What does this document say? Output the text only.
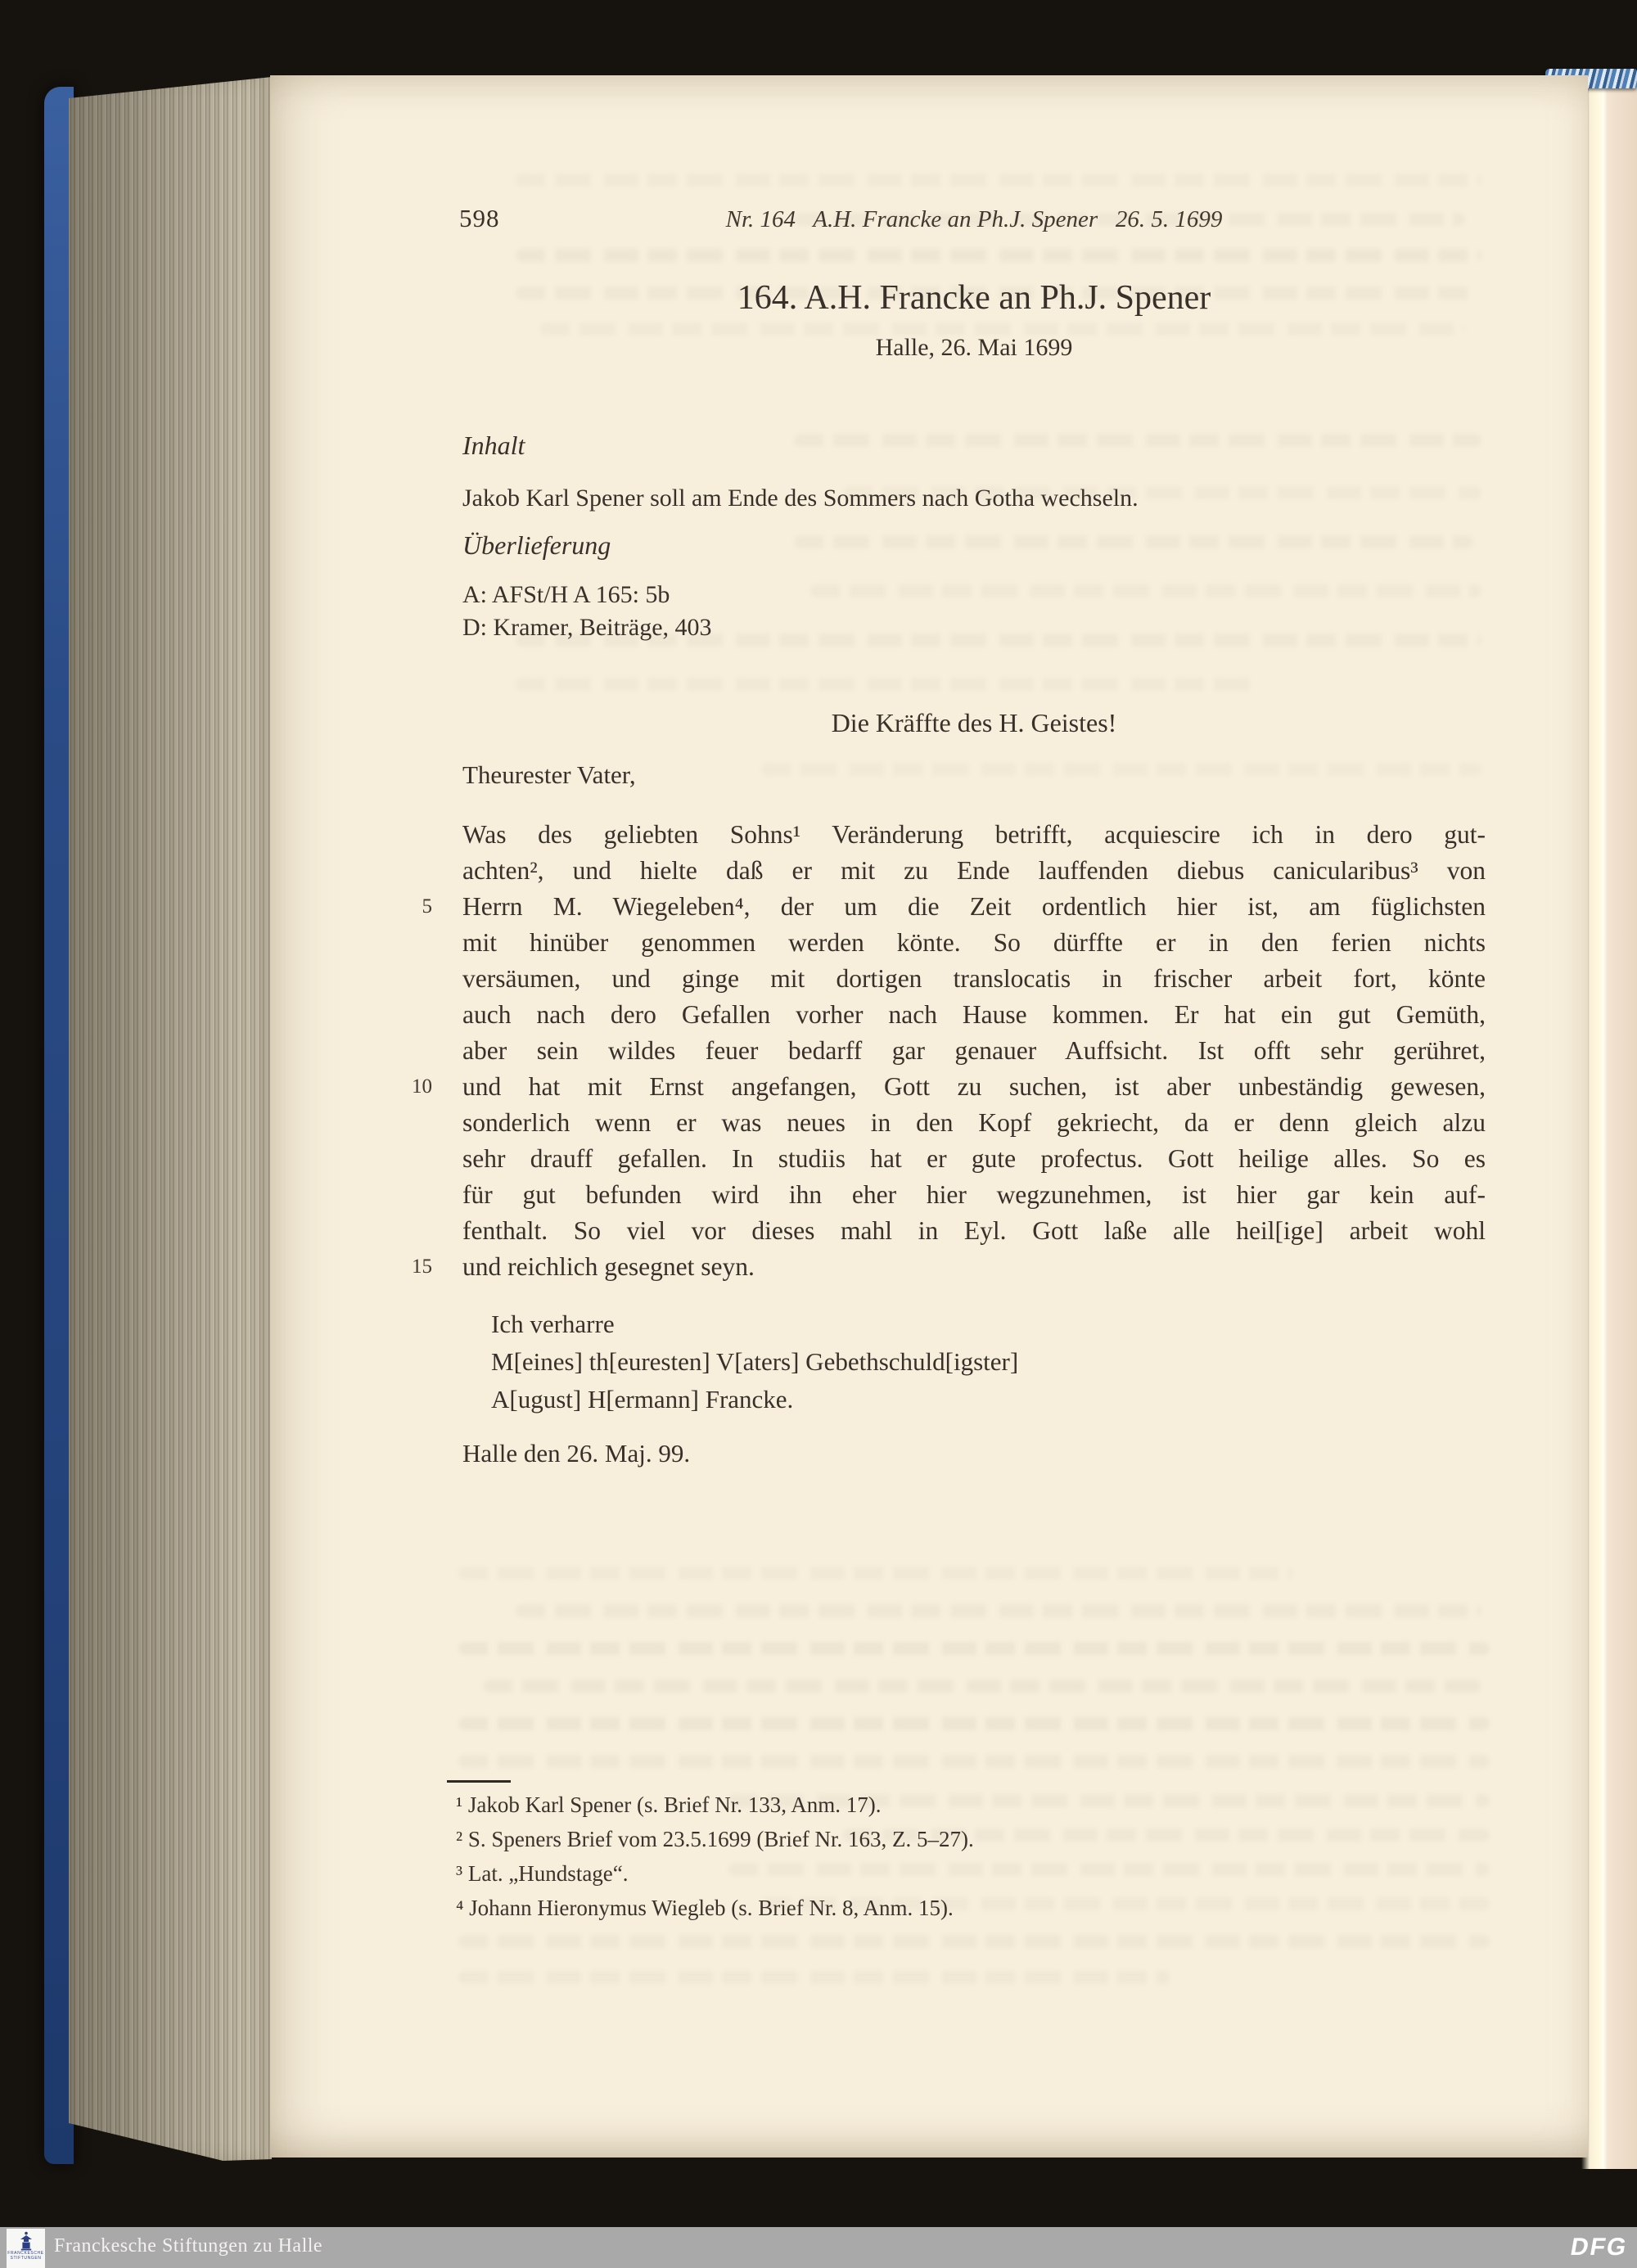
598	Nr. 164   A.H. Francke an Ph.J. Spener   26. 5. 1699
164. A.H. Francke an Ph.J. Spener
Halle, 26. Mai 1699
Inhalt
Jakob Karl Spener soll am Ende des Sommers nach Gotha wechseln.
Überlieferung
A: AFSt/H A 165: 5b
D: Kramer, Beiträge, 403
Die Kräffte des H. Geistes!
Theurester Vater,
5
10
15
Was des geliebten Sohns¹ Veränderung betrifft, acquiescire ich in dero gut-
achten², und hielte daß er mit zu Ende lauffenden diebus canicularibus³ von
Herrn M. Wiegeleben⁴, der um die Zeit ordentlich hier ist, am füglichsten
mit hinüber genommen werden könte. So dürffte er in den ferien nichts
versäumen, und ginge mit dortigen translocatis in frischer arbeit fort, könte
auch nach dero Gefallen vorher nach Hause kommen. Er hat ein gut Gemüth,
aber sein wildes feuer bedarff gar genauer Auffsicht. Ist offt sehr gerühret,
und hat mit Ernst angefangen, Gott zu suchen, ist aber unbeständig gewesen,
sonderlich wenn er was neues in den Kopf gekriecht, da er denn gleich alzu
sehr drauff gefallen. In studiis hat er gute profectus. Gott heilige alles. So es
für gut befunden wird ihn eher hier wegzunehmen, ist hier gar kein auf-
fenthalt. So viel vor dieses mahl in Eyl. Gott laße alle heil[ige] arbeit wohl
und reichlich gesegnet seyn.
Ich verharre
M[eines] th[euresten] V[aters] Gebethschuld[igster]
A[ugust] H[ermann] Francke.
Halle den 26. Maj. 99.
¹ Jakob Karl Spener (s. Brief Nr. 133, Anm. 17).
² S. Speners Brief vom 23.5.1699 (Brief Nr. 163, Z. 5–27).
³ Lat. „Hundstage“.
⁴ Johann Hieronymus Wiegleb (s. Brief Nr. 8, Anm. 15).
FRANCKESCHE
STIFTUNGEN
Franckesche Stiftungen zu Halle	DFG
